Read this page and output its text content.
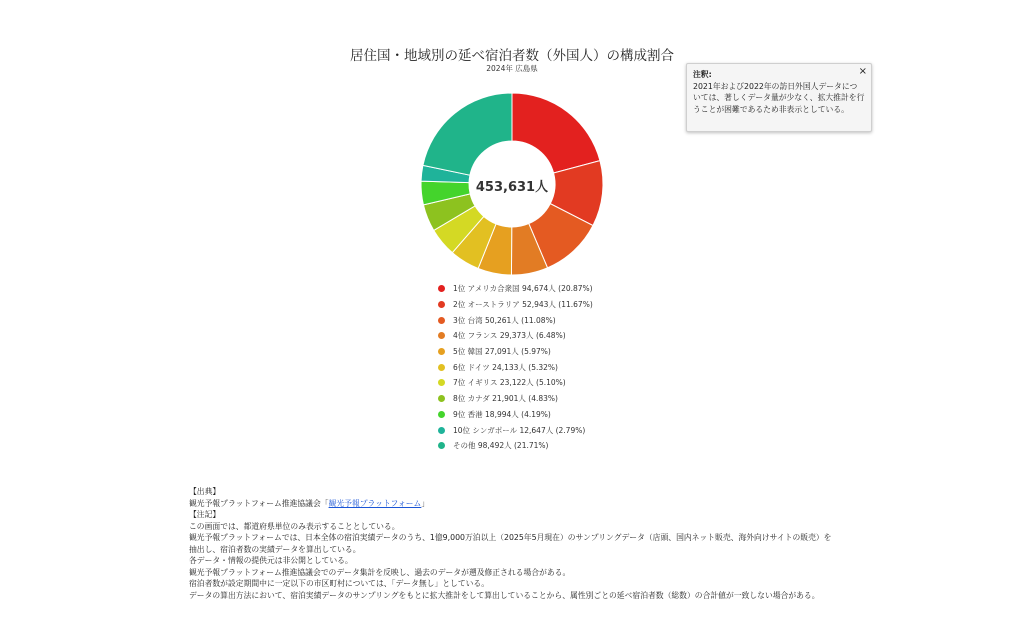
居住国・地域別の延べ宿泊者数（外国人）の構成割合
2024年 広島県
453,631人
1位 アメリカ合衆国 94,674人 (20.87%)
2位 オーストラリア 52,943人 (11.67%)
3位 台湾 50,261人 (11.08%)
4位 フランス 29,373人 (6.48%)
5位 韓国 27,091人 (5.97%)
6位 ドイツ 24,133人 (5.32%)
7位 イギリス 23,122人 (5.10%)
8位 カナダ 21,901人 (4.83%)
9位 香港 18,994人 (4.19%)
10位 シンガポール 12,647人 (2.79%)
その他 98,492人 (21.71%)
注釈:	×
2021年および2022年の訪日外国人データについては、著しくデータ量が少なく、拡大推計を行うことが困難であるため非表示としている。

【出典】

観光予報プラットフォーム推進協議会「観光予報プラットフォーム」

【注記】

この画面では、都道府県単位のみ表示することとしている。

観光予報プラットフォームでは、日本全体の宿泊実績データのうち、1億9,000万泊以上（2025年5月現在）のサンプリングデータ（店頭、国内ネット販売、海外向けサイトの販売）を抽出し、宿泊者数の実績データを算出している。

各データ・情報の提供元は非公開としている。

観光予報プラットフォーム推進協議会でのデータ集計を反映し、過去のデータが遡及修正される場合がある。

宿泊者数が設定期間中に一定以下の市区町村については、「データ無し」としている。

データの算出方法において、宿泊実績データのサンプリングをもとに拡大推計をして算出していることから、属性別ごとの延べ宿泊者数（総数）の合計値が一致しない場合がある。
